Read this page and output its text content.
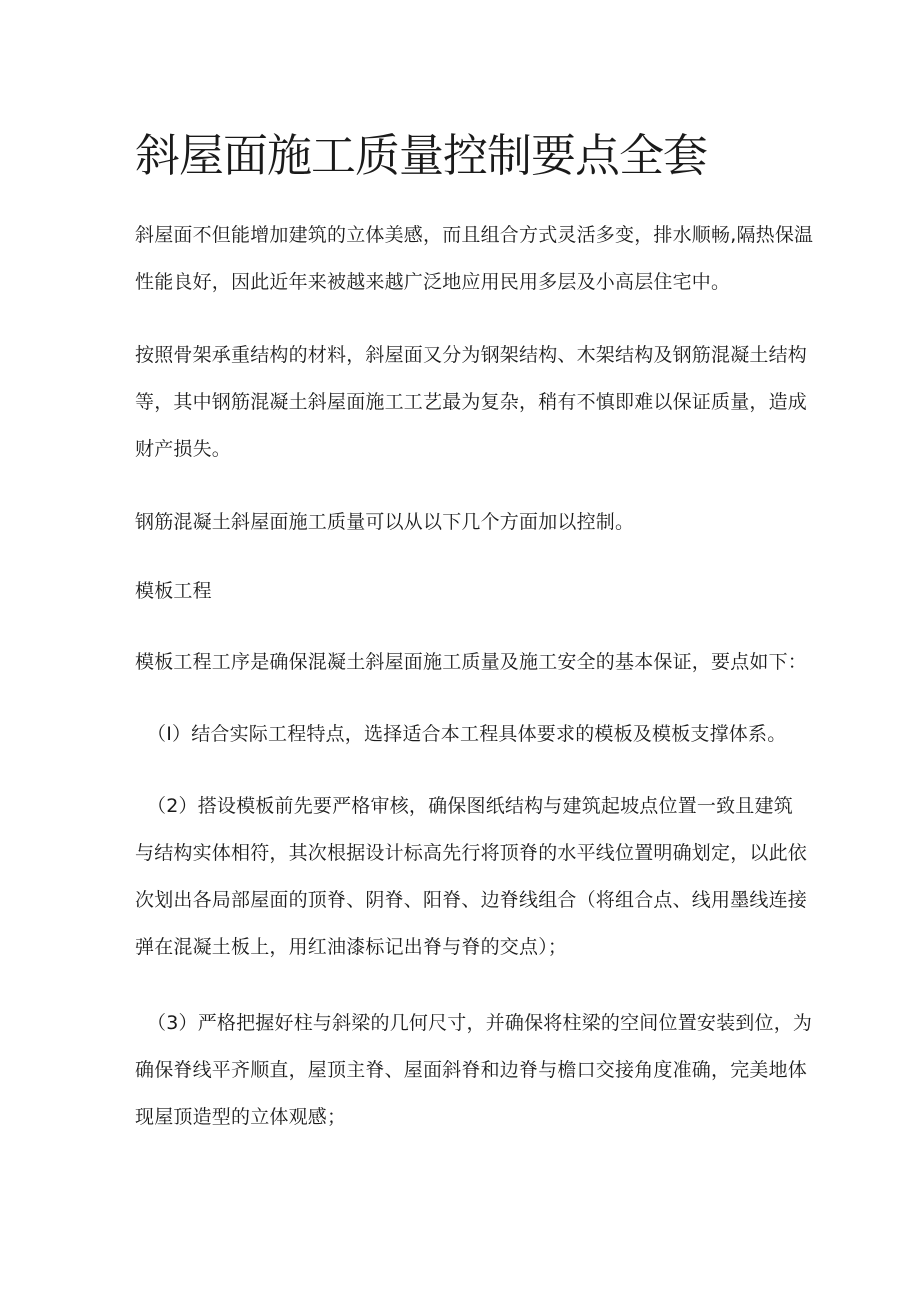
斜屋面施工质量控制要点全套

斜屋面不但能增加建筑的立体美感，而且组合方式灵活多变，排水顺畅,隔热保温
性能良好，因此近年来被越来越广泛地应用民用多层及小高层住宅中。

按照骨架承重结构的材料，斜屋面又分为钢架结构、木架结构及钢筋混凝土结构
等，其中钢筋混凝土斜屋面施工工艺最为复杂，稍有不慎即难以保证质量，造成
财产损失。

钢筋混凝土斜屋面施工质量可以从以下几个方面加以控制。

模板工程

模板工程工序是确保混凝土斜屋面施工质量及施工安全的基本保证，要点如下：

（I）结合实际工程特点，选择适合本工程具体要求的模板及模板支撑体系。

（2）搭设模板前先要严格审核，确保图纸结构与建筑起坡点位置一致且建筑
与结构实体相符，其次根据设计标高先行将顶脊的水平线位置明确划定，以此依
次划出各局部屋面的顶脊、阴脊、阳脊、边脊线组合（将组合点、线用墨线连接
弹在混凝土板上，用红油漆标记出脊与脊的交点）；

（3）严格把握好柱与斜梁的几何尺寸，并确保将柱梁的空间位置安装到位，为
确保脊线平齐顺直，屋顶主脊、屋面斜脊和边脊与檐口交接角度准确，完美地体
现屋顶造型的立体观感；
